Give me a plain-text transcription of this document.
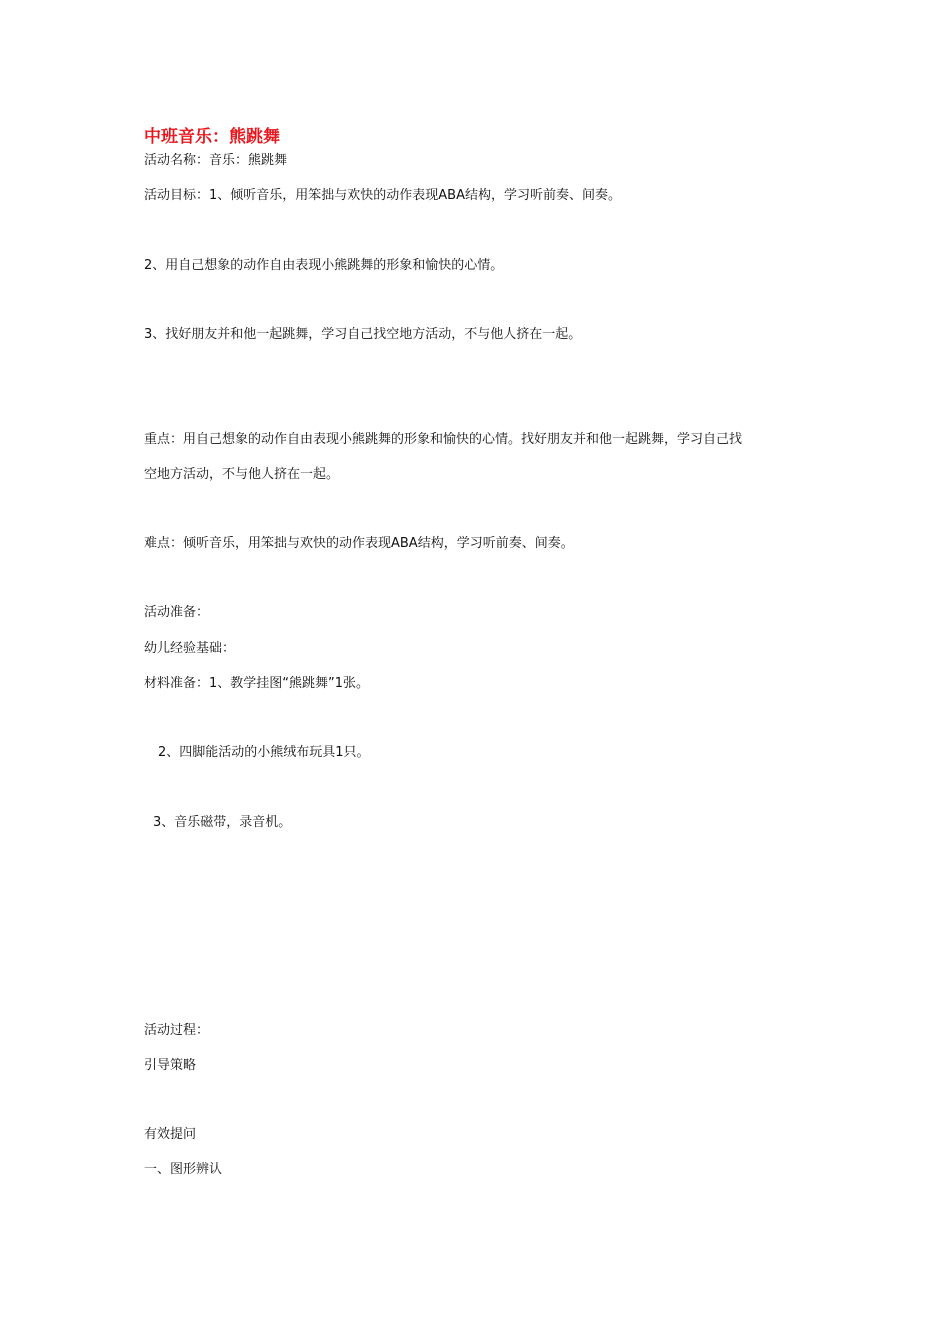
中班音乐：熊跳舞
活动名称：音乐：熊跳舞
活动目标：1、倾听音乐，用笨拙与欢快的动作表现ABA结构，学习听前奏、间奏。
2、用自己想象的动作自由表现小熊跳舞的形象和愉快的心情。
3、找好朋友并和他一起跳舞，学习自己找空地方活动，不与他人挤在一起。
重点：用自己想象的动作自由表现小熊跳舞的形象和愉快的心情。找好朋友并和他一起跳舞，学习自己找
空地方活动，不与他人挤在一起。
难点：倾听音乐，用笨拙与欢快的动作表现ABA结构，学习听前奏、间奏。
活动准备：
幼儿经验基础：
材料准备：1、教学挂图“熊跳舞”1张。
2、四脚能活动的小熊绒布玩具1只。
3、音乐磁带，录音机。
活动过程：
引导策略
有效提问
一、图形辨认
